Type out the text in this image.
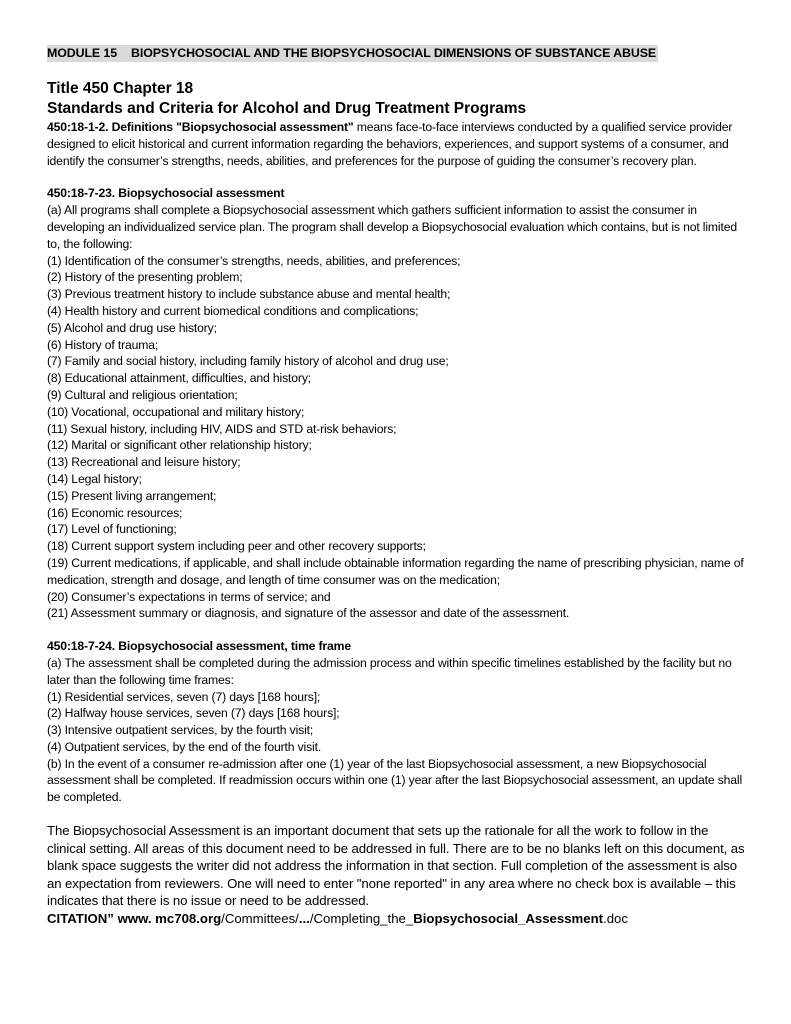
MODULE 15 BIOPSYCHOSOCIAL AND THE BIOPSYCHOSOCIAL DIMENSIONS OF SUBSTANCE ABUSE
Title 450 Chapter 18
Standards and Criteria for Alcohol and Drug Treatment Programs
450:18-1-2. Definitions "Biopsychosocial assessment" means face-to-face interviews conducted by a qualified service provider designed to elicit historical and current information regarding the behaviors, experiences, and support systems of a consumer, and identify the consumer’s strengths, needs, abilities, and preferences for the purpose of guiding the consumer’s recovery plan.
450:18-7-23. Biopsychosocial assessment
(a) All programs shall complete a Biopsychosocial assessment which gathers sufficient information to assist the consumer in developing an individualized service plan. The program shall develop a Biopsychosocial evaluation which contains, but is not limited to, the following:
(1) Identification of the consumer’s strengths, needs, abilities, and preferences;
(2) History of the presenting problem;
(3) Previous treatment history to include substance abuse and mental health;
(4) Health history and current biomedical conditions and complications;
(5) Alcohol and drug use history;
(6) History of trauma;
(7) Family and social history, including family history of alcohol and drug use;
(8) Educational attainment, difficulties, and history;
(9) Cultural and religious orientation;
(10) Vocational, occupational and military history;
(11) Sexual history, including HIV, AIDS and STD at-risk behaviors;
(12) Marital or significant other relationship history;
(13) Recreational and leisure history;
(14) Legal history;
(15) Present living arrangement;
(16) Economic resources;
(17) Level of functioning;
(18) Current support system including peer and other recovery supports;
(19) Current medications, if applicable, and shall include obtainable information regarding the name of prescribing physician, name of medication, strength and dosage, and length of time consumer was on the medication;
(20) Consumer’s expectations in terms of service; and
(21) Assessment summary or diagnosis, and signature of the assessor and date of the assessment.
450:18-7-24. Biopsychosocial assessment, time frame
(a) The assessment shall be completed during the admission process and within specific timelines established by the facility but no later than the following time frames:
(1) Residential services, seven (7) days [168 hours];
(2) Halfway house services, seven (7) days [168 hours];
(3) Intensive outpatient services, by the fourth visit;
(4) Outpatient services, by the end of the fourth visit.
(b) In the event of a consumer re-admission after one (1) year of the last Biopsychosocial assessment, a new Biopsychosocial assessment shall be completed. If readmission occurs within one (1) year after the last Biopsychosocial assessment, an update shall be completed.
The Biopsychosocial Assessment is an important document that sets up the rationale for all the work to follow in the clinical setting. All areas of this document need to be addressed in full. There are to be no blanks left on this document, as blank space suggests the writer did not address the information in that section. Full completion of the assessment is also an expectation from reviewers. One will need to enter "none reported" in any area where no check box is available – this indicates that there is no issue or need to be addressed.
CITATION” www. mc708.org/Committees/.../Completing_the_Biopsychosocial_Assessment.doc
